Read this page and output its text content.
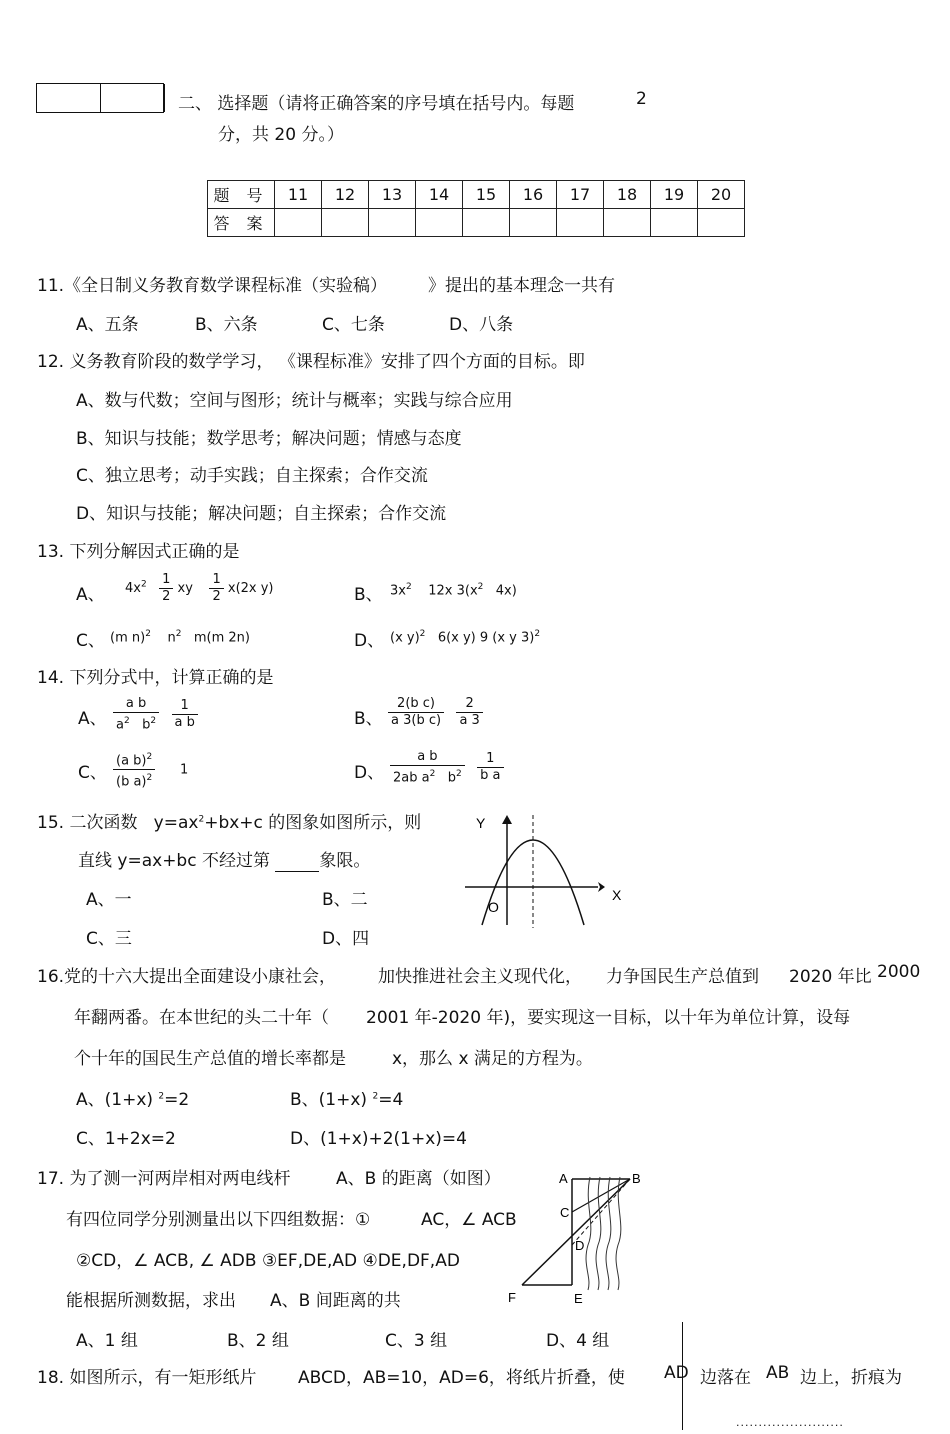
二、 选择题（请将正确答案的序号填在括号内。每题	2
分，共 20 分。）
题 号	11	12	13	14	15	16	17	18	19	20
答 案										
11.《全日制义务教育数学课程标准（实验稿） 》提出的基本理念一共有
A、五条	B、六条	C、七条	D、八条
12. 义务教育阶段的数学学习， 《课程标准》安排了四个方面的目标。即
A、数与代数；空间与图形；统计与概率；实践与综合应用
B、知识与技能；数学思考；解决问题；情感与态度
C、独立思考；动手实践；自主探索；合作交流
D、知识与技能；解决问题；自主探索；合作交流
13. 下列分解因式正确的是
A、 $4x^2 \frac{1}{2}$ xy $\frac{1}{2} x(2x$ y)	B、 $3x^2$ 12x $3(x^2$ 4x)
C、 (m n)$^2$ $n^2$ m(m 2n)	D、 (x y)$^2$ 6(x y) 9 (x y 3)$^2$
14. 下列分式中，计算正确的是
A、 $\frac{\text{a b}}{a^2 b^2}$
$\frac{1}{\text{a b}}$	B、 $\frac{\text{2(b c)}}{\text{a 3(b c)}}$
$\frac{2}{a 3}$
C、 $\frac{(a b)^2}{(b a)^2} 1$	D、 $\frac{\text{a b}}{2ab a^2 b^2}$
$\frac{1}{\text{b a}}$
15. 二次函数 $y=ax^2+bx+c$ 的图象如图所示，则
直线 y=ax+bc 不经过第	象限。
A、一	B、二
C、三	D、四
Y
X
O
16.党的十六大提出全面建设小康社会， 加快推进社会主义现代化， 力争国民生产总值到 2020 年比 2000
年翻两番。在本世纪的头二十年（ 2001 年-2020 年)，要实现这一目标，以十年为单位计算，设每
个十年的国民生产总值的增长率都是	x，那么 x 满足的方程为。
A、(1+x) $^2$=2	B、(1+x) $^2$=4
C、1+2x=2	D、(1+x)+2(1+x)=4
17. 为了测一河两岸相对两电线杆	A、B 的距离（如图）
有四位同学分别测量出以下四组数据：①	AC，∠ ACB
②CD，∠ ACB, ∠ ADB ③EF,DE,AD ④DE,DF,AD
能根据所测数据，求出 A、B 间距离的共
A、1 组	B、2 组	C、3 组	D、4 组
A	B
C
D
E
F
18. 如图所示，有一矩形纸片 ABCD，AB=10，AD=6，将纸片折叠，使 AD 边落在 AB 边上，折痕为
........................
